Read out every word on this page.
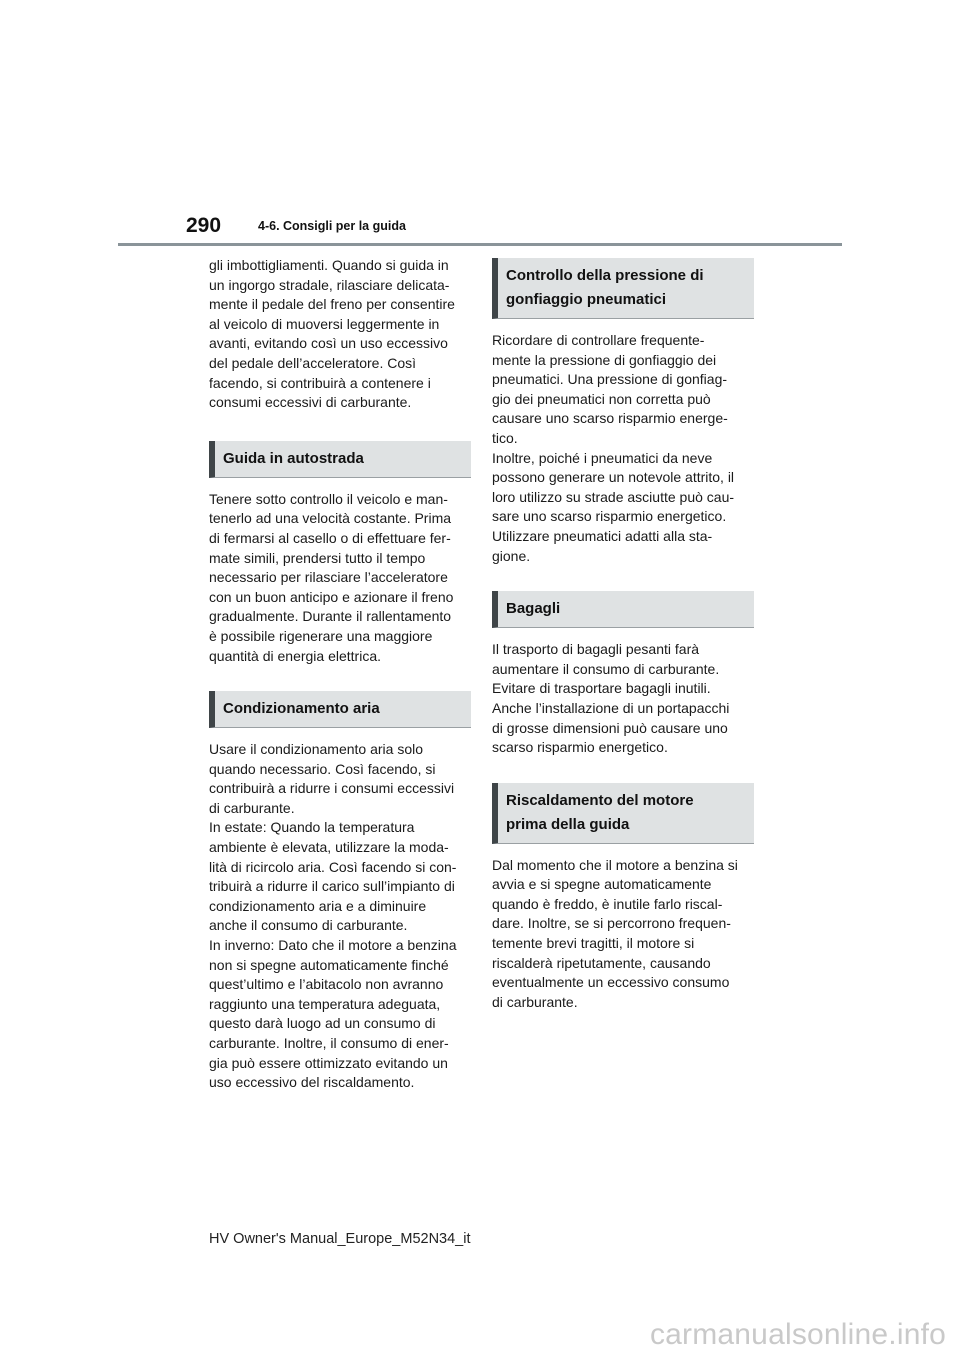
290	4-6. Consigli per la guida

gli imbottigliamenti. Quando si guida in
un ingorgo stradale, rilasciare delicata-
mente il pedale del freno per consentire
al veicolo di muoversi leggermente in
avanti, evitando così un uso eccessivo
del pedale dell’acceleratore. Così
facendo, si contribuirà a contenere i
consumi eccessivi di carburante.

Guida in autostrada

Tenere sotto controllo il veicolo e man-
tenerlo ad una velocità costante. Prima
di fermarsi al casello o di effettuare fer-
mate simili, prendersi tutto il tempo
necessario per rilasciare l’acceleratore
con un buon anticipo e azionare il freno
gradualmente. Durante il rallentamento
è possibile rigenerare una maggiore
quantità di energia elettrica.

Condizionamento aria

Usare il condizionamento aria solo
quando necessario. Così facendo, si
contribuirà a ridurre i consumi eccessivi
di carburante.
In estate: Quando la temperatura
ambiente è elevata, utilizzare la moda-
lità di ricircolo aria. Così facendo si con-
tribuirà a ridurre il carico sull’impianto di
condizionamento aria e a diminuire
anche il consumo di carburante.
In inverno: Dato che il motore a benzina
non si spegne automaticamente finché
quest’ultimo e l’abitacolo non avranno
raggiunto una temperatura adeguata,
questo darà luogo ad un consumo di
carburante. Inoltre, il consumo di ener-
gia può essere ottimizzato evitando un
uso eccessivo del riscaldamento.

Controllo della pressione di
gonfiaggio pneumatici

Ricordare di controllare frequente-
mente la pressione di gonfiaggio dei
pneumatici. Una pressione di gonfiag-
gio dei pneumatici non corretta può
causare uno scarso risparmio energe-
tico.
Inoltre, poiché i pneumatici da neve
possono generare un notevole attrito, il
loro utilizzo su strade asciutte può cau-
sare uno scarso risparmio energetico.
Utilizzare pneumatici adatti alla sta-
gione.

Bagagli

Il trasporto di bagagli pesanti farà
aumentare il consumo di carburante.
Evitare di trasportare bagagli inutili.
Anche l’installazione di un portapacchi
di grosse dimensioni può causare uno
scarso risparmio energetico.

Riscaldamento del motore
prima della guida

Dal momento che il motore a benzina si
avvia e si spegne automaticamente
quando è freddo, è inutile farlo riscal-
dare. Inoltre, se si percorrono frequen-
temente brevi tragitti, il motore si
riscalderà ripetutamente, causando
eventualmente un eccessivo consumo
di carburante.

HV Owner's Manual_Europe_M52N34_it
carmanualsonline.info
